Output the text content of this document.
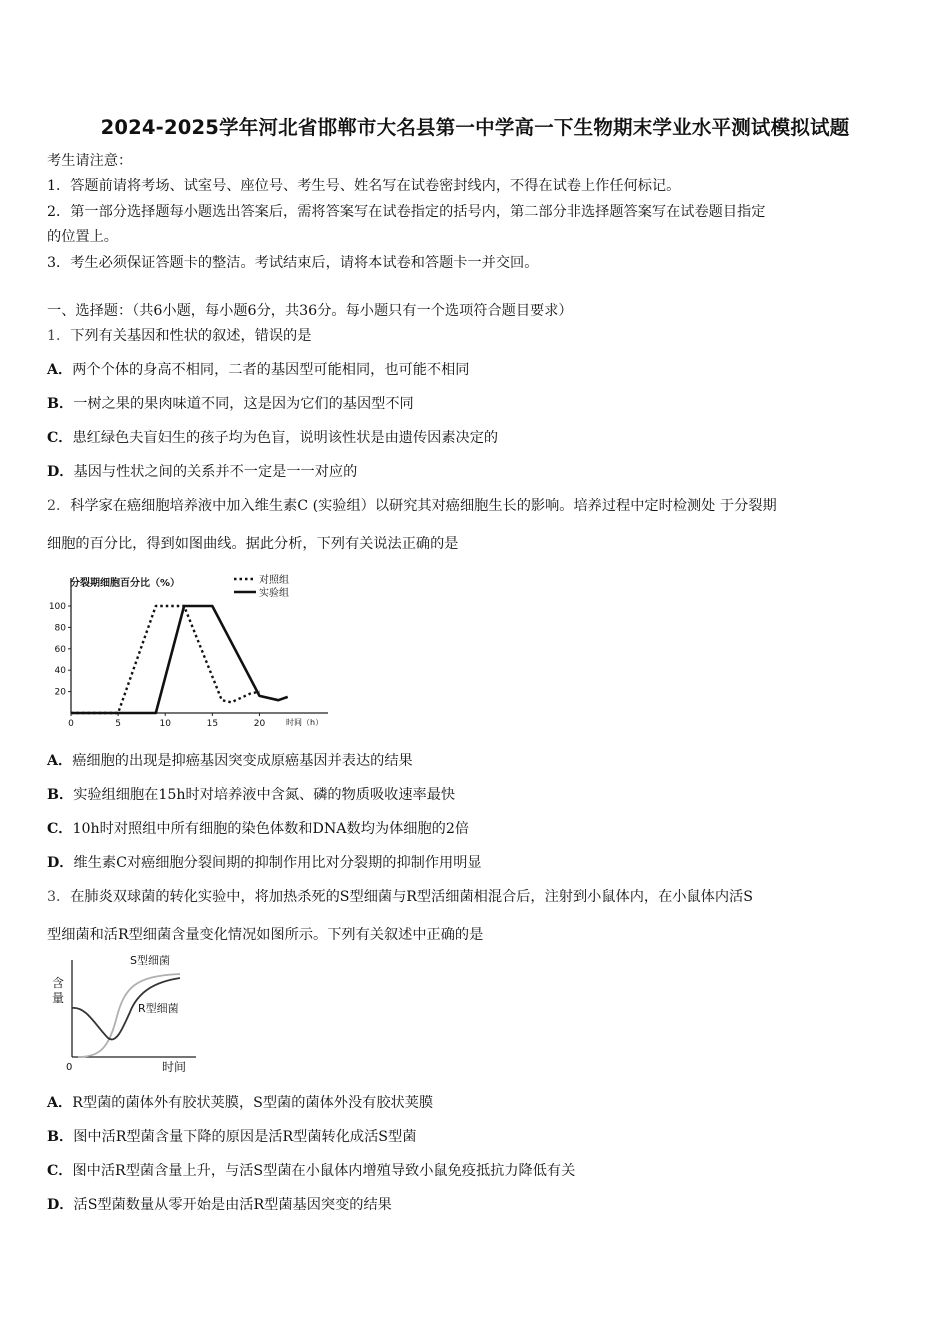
2024-2025学年河北省邯郸市大名县第一中学高一下生物期末学业水平测试模拟试题
考生请注意：
1．答题前请将考场、试室号、座位号、考生号、姓名写在试卷密封线内，不得在试卷上作任何标记。
2．第一部分选择题每小题选出答案后，需将答案写在试卷指定的括号内，第二部分非选择题答案写在试卷题目指定
的位置上。
3．考生必须保证答题卡的整洁。考试结束后，请将本试卷和答题卡一并交回。
一、选择题：（共6小题，每小题6分，共36分。每小题只有一个选项符合题目要求）
1．下列有关基因和性状的叙述，错误的是
A．两个个体的身高不相同，二者的基因型可能相同，也可能不相同
B．一树之果的果肉味道不同，这是因为它们的基因型不同
C．患红绿色夫盲妇生的孩子均为色盲，说明该性状是由遗传因素决定的
D．基因与性状之间的关系并不一定是一一对应的
2．科学家在癌细胞培养液中加入维生素C (实验组）以研究其对癌细胞生长的影响。培养过程中定时检测处 于分裂期
细胞的百分比，得到如图曲线。据此分析，下列有关说法正确的是
20
40
60
80
100
0	5	10	15	20
对照组
实验组
分裂期细胞百分比（%）
时间（h）
A．癌细胞的出现是抑癌基因突变成原癌基因并表达的结果
B．实验组细胞在15h时对培养液中含氮、磷的物质吸收速率最快
C．10h时对照组中所有细胞的染色体数和DNA数均为体细胞的2倍
D．维生素C对癌细胞分裂间期的抑制作用比对分裂期的抑制作用明显
3．在肺炎双球菌的转化实验中，将加热杀死的S型细菌与R型活细菌相混合后，注射到小鼠体内，在小鼠体内活S
型细菌和活R型细菌含量变化情况如图所示。下列有关叙述中正确的是
含
量
0	时间
S型细菌
R型细菌
A．R型菌的菌体外有胶状荚膜，S型菌的菌体外没有胶状荚膜
B．图中活R型菌含量下降的原因是活R型菌转化成活S型菌
C．图中活R型菌含量上升，与活S型菌在小鼠体内增殖导致小鼠免疫抵抗力降低有关
D．活S型菌数量从零开始是由活R型菌基因突变的结果
